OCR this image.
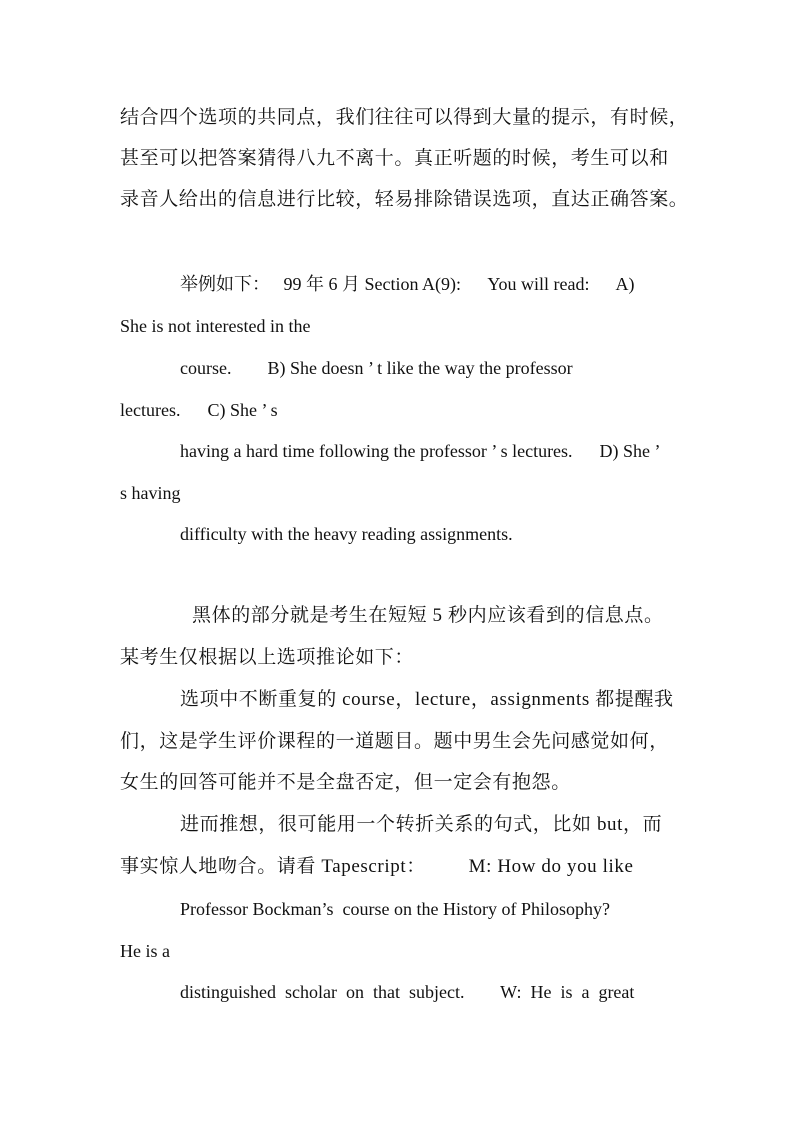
结合四个选项的共同点，我们往往可以得到大量的提示，有时候，
甚至可以把答案猜得八九不离十。真正听题的时候，考生可以和
录音人给出的信息进行比较，轻易排除错误选项，直达正确答案。
举例如下：   99 年 6 月 Section A(9):      You will read:      A)
She is not interested in the
course.        B) She doesn ’ t like the way the professor
lectures.      C) She ’ s
having a hard time following the professor ’ s lectures.      D) She ’
s having
difficulty with the heavy reading assignments.
黑体的部分就是考生在短短 5 秒内应该看到的信息点。
某考生仅根据以上选项推论如下：
选项中不断重复的 course，lecture，assignments 都提醒我
们，这是学生评价课程的一道题目。题中男生会先问感觉如何，
女生的回答可能并不是全盘否定，但一定会有抱怨。
进而推想，很可能用一个转折关系的句式，比如 but，而
事实惊人地吻合。请看 Tapescript：        M: How do you like
Professor Bockman’s  course on the History of Philosophy?
He is a
distinguished  scholar  on  that  subject.        W:  He  is  a  great
